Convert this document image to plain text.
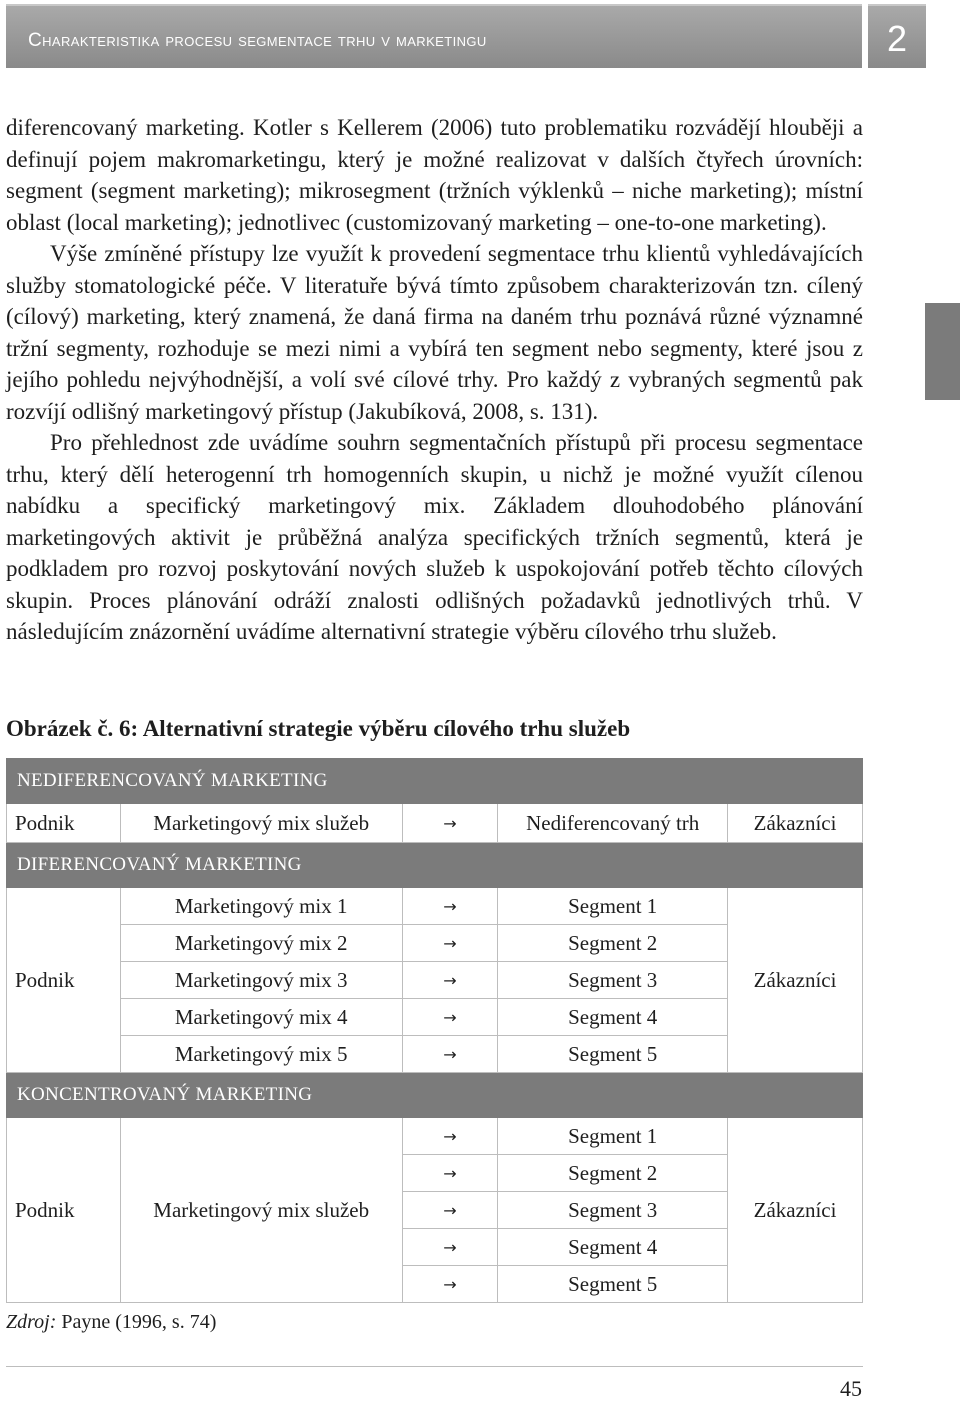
Charakteristika procesu segmentace trhu v marketingu	2

diferencovaný marketing. Kotler s Kellerem (2006) tuto problematiku rozvádějí hlouběji a definují pojem makromarketingu, který je možné realizovat v dalších čtyřech úrovních: segment (segment marketing); mikrosegment (tržních výklenků – niche marketing); místní oblast (local marketing); jednotlivec (customizovaný marketing – one-to-one marketing).

Výše zmíněné přístupy lze využít k provedení segmentace trhu klientů vyhledávajících služby stomatologické péče. V literatuře bývá tímto způsobem charakterizován tzn. cílený (cílový) marketing, který znamená, že daná firma na daném trhu poznává různé významné tržní segmenty, rozhoduje se mezi nimi a vybírá ten segment nebo segmenty, které jsou z jejího pohledu nejvýhodnější, a volí své cílové trhy. Pro každý z vybraných segmentů pak rozvíjí odlišný marketingový přístup (Jakubíková, 2008, s. 131).

Pro přehlednost zde uvádíme souhrn segmentačních přístupů při procesu segmentace trhu, který dělí heterogenní trh homogenních skupin, u nichž je možné využít cílenou nabídku a specifický marketingový mix. Základem dlouhodobého plánování marketingových aktivit je průběžná analýza specifických tržních segmentů, která je podkladem pro rozvoj poskytování nových služeb k uspokojování potřeb těchto cílových skupin. Proces plánování odráží znalosti odlišných požadavků jednotlivých trhů. V následujícím znázornění uvádíme alternativní strategie výběru cílového trhu služeb.

Obrázek č. 6: Alternativní strategie výběru cílového trhu služeb
NEDIFERENCOVANÝ MARKETING				
Podnik	Marketingový mix služeb	→	Nediferencovaný trh	Zákazníci
DIFERENCOVANÝ MARKETING				
Podnik	Marketingový mix 1	→	Segment 1	Zákazníci
	Marketingový mix 2	→	Segment 2	
	Marketingový mix 3	→	Segment 3	
	Marketingový mix 4	→	Segment 4	
	Marketingový mix 5	→	Segment 5	
KONCENTROVANÝ MARKETING				
Podnik	Marketingový mix služeb	→	Segment 1	Zákazníci
		→	Segment 2	
		→	Segment 3	
		→	Segment 4	
		→	Segment 5	
Zdroj: Payne (1996, s. 74)
45
